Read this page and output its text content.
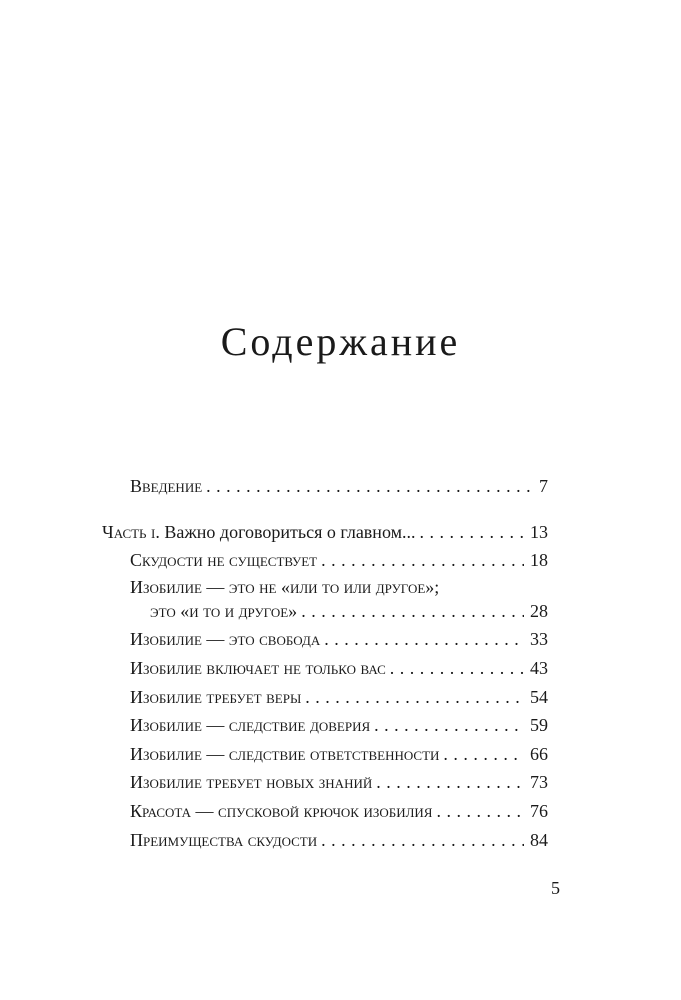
Содержание
Введение . . .	7
Часть i. Важно договориться о главном... . . .	13
Скудости не существует . . .	18
Изобилие — это не «или то или другое»;
это «и то и другое» . . .	28
Изобилие — это свобода . . .	33
Изобилие включает не только вас . . .	43
Изобилие требует веры . . .	54
Изобилие — следствие доверия . . .	59
Изобилие — следствие ответственности . . .	66
Изобилие требует новых знаний . . .	73
Красота — спусковой крючок изобилия . . .	76
Преимущества скудости . . .	84
5
